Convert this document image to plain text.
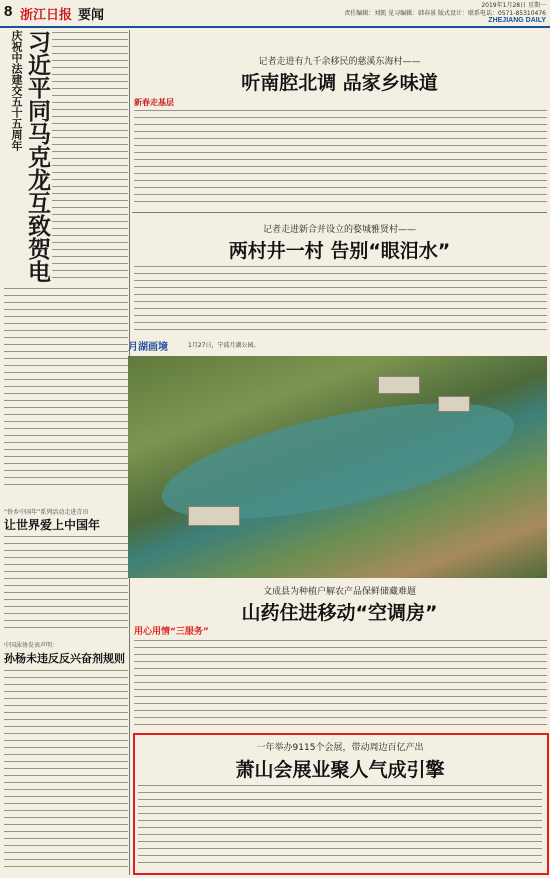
8 浙江日报 要闻
2019年1月28日 星期一
责任编辑：刘凯 见习编辑：韩春景 版式设计：联系电话：0571-85310476
ZHEJIANG DAILY
庆祝中法建交五十五周年 习近平同马克龙互致贺电
“侨乡中国年”系列活动走进青田
让世界爱上中国年
中国泳协发表声明：
孙杨未违反反兴奋剂规则
记者走进有九千余移民的慈溪东海村——
听南腔北调 品家乡味道
新春走基层
记者走进新合并设立的婺城雅贤村——
两村井一村 告别“眼泪水”
月湖画境	1月27日，宁波月湖公园。
文成县为种植户解农产品保鲜储藏难题
山药住进移动“空调房”
用心用情“三服务”
一年举办9115个会展，带动周边百亿产出
萧山会展业聚人气成引擎
